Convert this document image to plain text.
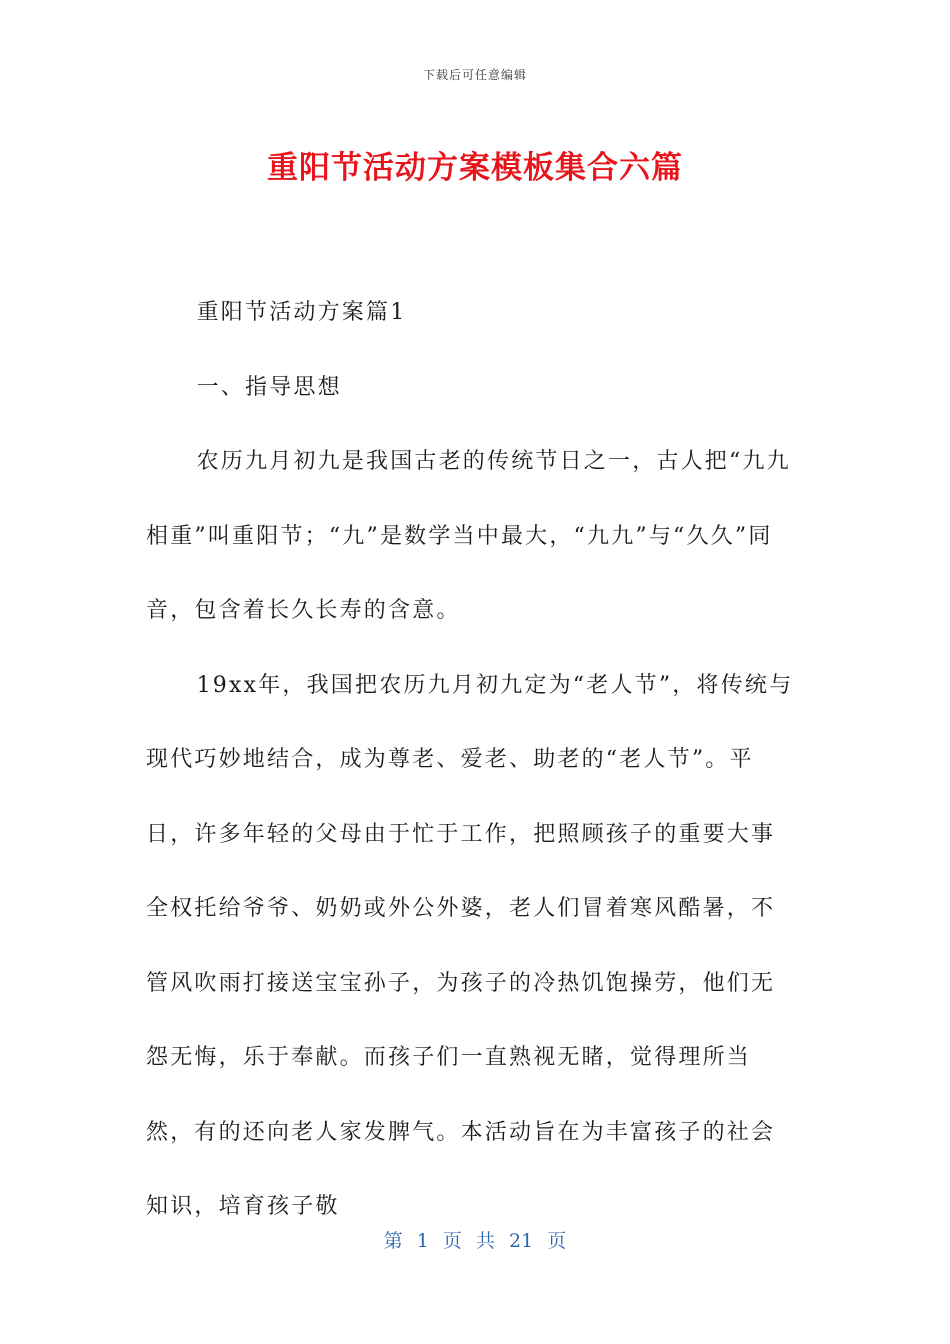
下载后可任意编辑
重阳节活动方案模板集合六篇

重阳节活动方案篇1

一、指导思想

农历九月初九是我国古老的传统节日之一，古人把“九九相重”叫重阳节；“九”是数学当中最大，“九九”与“久久”同音，包含着长久长寿的含意。

19xx年，我国把农历九月初九定为“老人节”，将传统与现代巧妙地结合，成为尊老、爱老、助老的“老人节”。平日，许多年轻的父母由于忙于工作，把照顾孩子的重要大事全权托给爷爷、奶奶或外公外婆，老人们冒着寒风酷暑，不管风吹雨打接送宝宝孙子，为孩子的冷热饥饱操劳，他们无怨无悔，乐于奉献。而孩子们一直熟视无睹，觉得理所当然，有的还向老人家发脾气。本活动旨在为丰富孩子的社会知识，培育孩子敬

第 1 页 共 21 页
